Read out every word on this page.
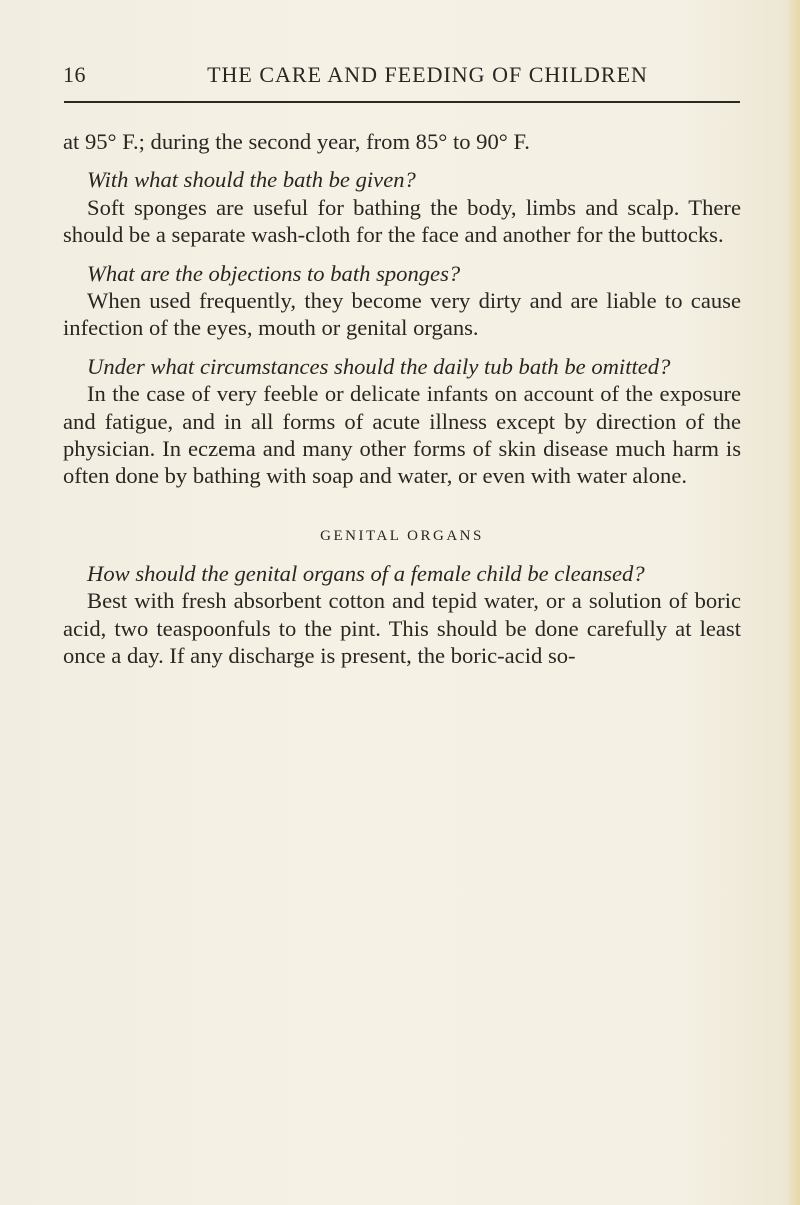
16	THE CARE AND FEEDING OF CHILDREN

at 95° F.; during the second year, from 85° to 90° F.

With what should the bath be given?

Soft sponges are useful for bathing the body, limbs and scalp. There should be a separate wash-cloth for the face and another for the buttocks.

What are the objections to bath sponges?

When used frequently, they become very dirty and are liable to cause infection of the eyes, mouth or genital organs.

Under what circumstances should the daily tub bath be omitted?

In the case of very feeble or delicate infants on account of the exposure and fatigue, and in all forms of acute illness except by direction of the physician. In eczema and many other forms of skin disease much harm is often done by bathing with soap and water, or even with water alone.

GENITAL ORGANS

How should the genital organs of a female child be cleansed?

Best with fresh absorbent cotton and tepid water, or a solution of boric acid, two teaspoonfuls to the pint. This should be done carefully at least once a day. If any discharge is present, the boric-acid so-
